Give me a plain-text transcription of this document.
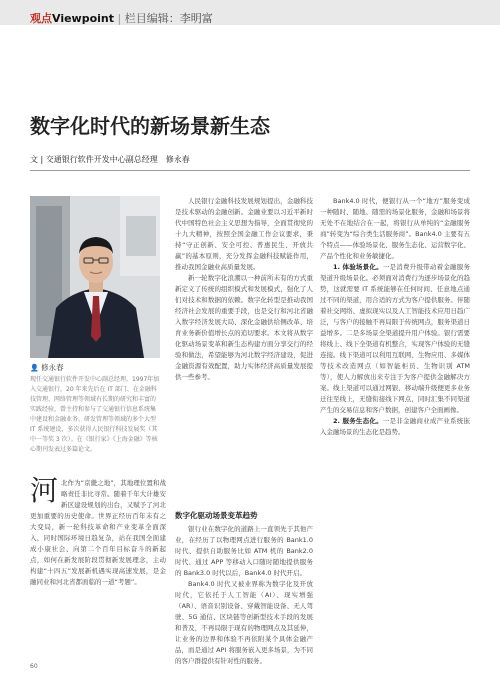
观点Viewpoint | 栏目编辑：李明富
数字化时代的新场景新生态
文 | 交通银行软件开发中心副总经理　修永春
👤 修永春
现任交通银行软件开发中心副总经理。1997年加入交通银行，20 年来先后在 IT 部门、在金融科技管理、网络管理等领域有长期的研究和丰富的实践经验，曾主持和参与了交通银行信息系统集中建设和金融业务、研发管理等领域的多个大型 IT 系统建设，多次获得人民银行科技发展奖（其中一等奖 3 次）。在《银行家》《上海金融》等核心期刊发表过多篇论文。

河北作为“京畿之地”，其地理位置和战略责任非比寻常。随着千年大计雄安新区建设规划的出台，又赋予了河北更加重要的历史使命。世界正经历百年未有之大变局，新一轮科技革命和产业变革全面深入，同时国际环境日趋复杂，站在我国全面建成小康社会、向第二个百年目标奋斗的新起点，如何在新发展阶段贯彻新发展理念，主动构建“十四五”发展新机遇实现高速发展，是金融同业和河北省都面临的一道“考题”。

人民银行金融科技发展规划提出，金融科技是技术驱动的金融创新。金融业要以习近平新时代中国特色社会主义思想为指导，全面贯彻党的十九大精神，按照全国金融工作会议要求，秉持“守正创新、安全可控、普惠民生、开放共赢”的基本原则，充分发挥金融科技赋能作用，推动我国金融业高质量发展。

新一轮数字化浪潮以一种前所未有的方式重新定义了传统的组织模式和发展模式，强化了人们对技术和数据的依赖。数字化转型是推动我国经济社会发展的重要手段，也是交行和河北省融入数字经济发展大局、深化金融供给侧改革、培育业务新价值增长点的追切要求。本文将从数字化驱动场景变革和新生态构建方面分享交行的经验和做法，希望能够为河北数字经济建设，促进金融资源有效配置，助力实体经济高质量发展提供一些参考。

数字化驱动场景变革趋势

银行业在数字化的道路上一直领先于其他产业，在经历了以物理网点进行服务的 Bank1.0 时代、提供自助服务比如 ATM 机的 Bank2.0 时代、通过 APP 等移动入口随时随地提供服务的 Bank3.0 时代以后，Bank4.0 时代开启。

Bank4.0 时代又被业界称为数字化及开放时代，它依托于人工智能（AI）、现实增强（AR）、语音识别设备、穿戴智能设备、无人驾驶、5G 通信、区块链等创新型技术手段的发展和普及，不再局限于现有的物理网点及其延伸，让业务的边界和体验不再依附某个具体金融产品，而是通过 API 将服务嵌入更多场景，为不同的客户群提供有针对性的服务。

Bank4.0 时代，便银行从一个“地方”服务变成一种随时、随地、随需的场景化服务，金融和场景将无处不在地结合在一起，将银行从单纯的“金融服务商”转变为“综合类生活服务商”。Bank4.0 主要有五个特点——体验场景化、服务生态化、运营数字化、产品个性化和业务敏捷化。

1. 体验场景化。一是消费升级带动着金融服务渠道升级场景化。必须面对消费行为逐步场景化的趋势，这就需要 IT 系统能够在任何时间、任意地点通过不同的渠道，用合适的方式为客户提供服务。伴随着社交网络、虚拟现实以及人工智能技术应用日趋广泛，与客户的接触不再局限于传统网点，服务渠道日益增多。二是多场景全渠道提升用户体验。银行需要将线上、线下全渠道有机整合，实现客户体验的无缝连接。线下渠道可以利用互联网、生物应用、多媒体等技术改造网点（如智能柜员、生物识别 ATM 等），使人力解放出来专注于为客户提供金融解决方案。线上渠道可以通过网银、移动端升级便更多业务迁往至线上，无缝衔接线下网点，同时汇集不同渠道产生的交易信息和客户数据，创建客户全面画像。

2. 服务生态化。一是非金融商业成产业系统嵌入金融场景的生态化是趋势。

60
